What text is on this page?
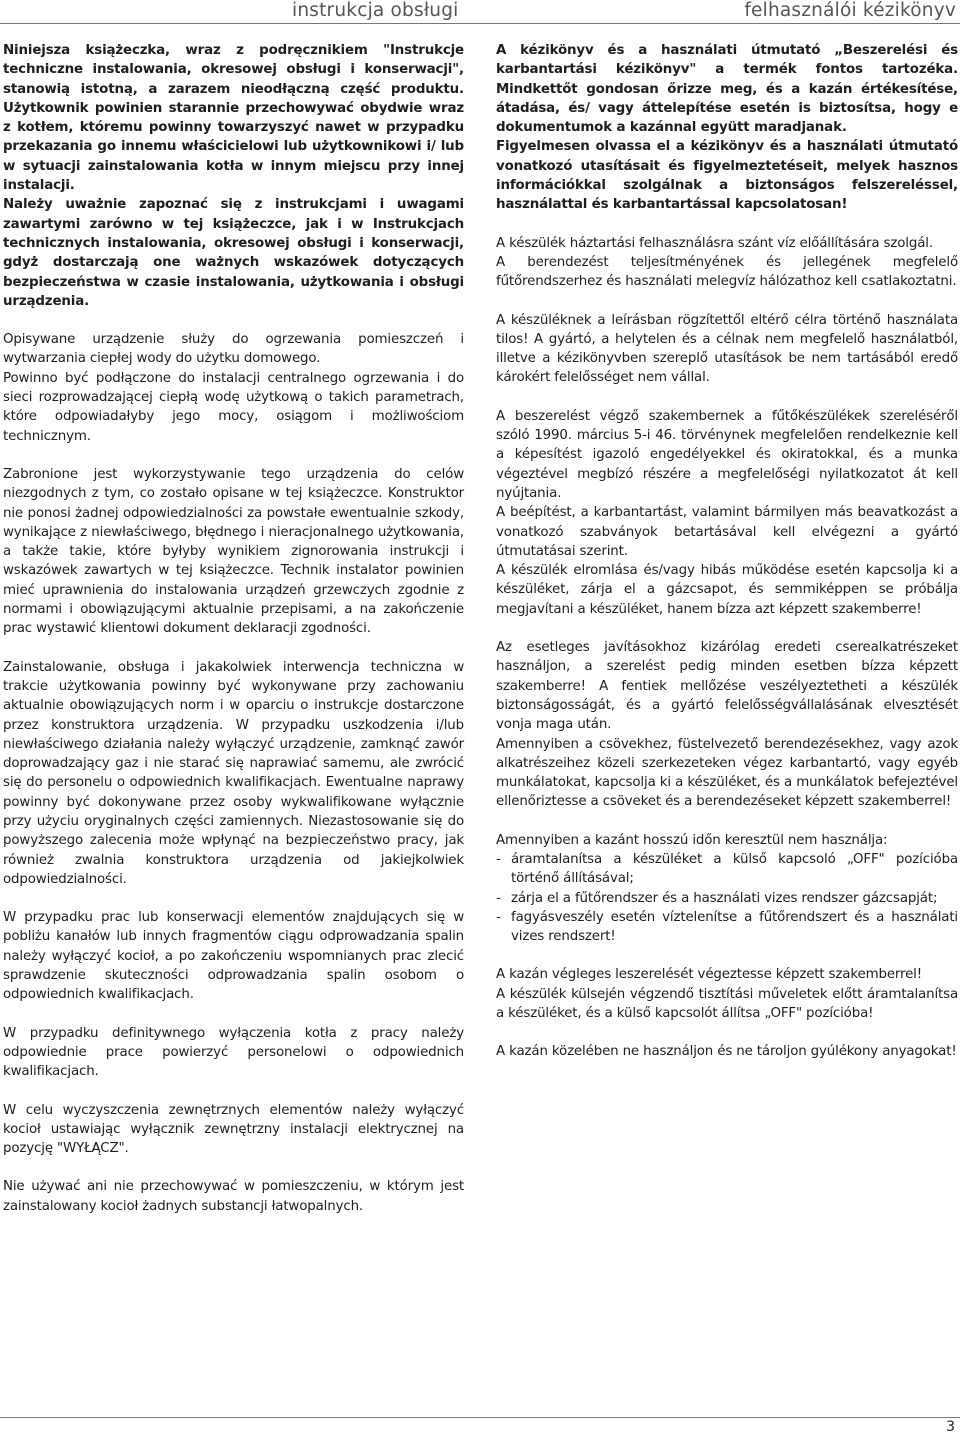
instrukcja obsługi	felhasználói kézikönyv

Niniejsza książeczka, wraz z podręcznikiem "Instrukcje techniczne instalowania, okresowej obsługi i konserwacji", stanowią istotną, a zarazem nieodłączną część produktu. Użytkownik powinien starannie przechowywać obydwie wraz z kotłem, któremu powinny towarzyszyć nawet w przypadku przekazania go innemu właścicielowi lub użytkownikowi i/ lub w sytuacji zainstalowania kotła w innym miejscu przy innej instalacji.

Należy uważnie zapoznać się z instrukcjami i uwagami zawartymi zarówno w tej książeczce, jak i w Instrukcjach technicznych instalowania, okresowej obsługi i konserwacji, gdyż dostarczają one ważnych wskazówek dotyczących bezpieczeństwa w czasie instalowania, użytkowania i obsługi urządzenia.

Opisywane urządzenie służy do ogrzewania pomieszczeń i wytwarzania ciepłej wody do użytku domowego.

Powinno być podłączone do instalacji centralnego ogrzewania i do sieci rozprowadzającej ciepłą wodę użytkową o takich parametrach, które odpowiadałyby jego mocy, osiągom i możliwościom technicznym.

Zabronione jest wykorzystywanie tego urządzenia do celów niezgodnych z tym, co zostało opisane w tej książeczce. Konstruktor nie ponosi żadnej odpowiedzialności za powstałe ewentualnie szkody, wynikające z niewłaściwego, błędnego i nieracjonalnego użytkowania, a także takie, które byłyby wynikiem zignorowania instrukcji i wskazówek zawartych w tej książeczce. Technik instalator powinien mieć uprawnienia do instalowania urządzeń grzewczych zgodnie z normami i obowiązującymi aktualnie przepisami, a na zakończenie prac wystawić klientowi dokument deklaracji zgodności.

Zainstalowanie, obsługa i jakakolwiek interwencja techniczna w trakcie użytkowania powinny być wykonywane przy zachowaniu aktualnie obowiązujących norm i w oparciu o instrukcje dostarczone przez konstruktora urządzenia. W przypadku uszkodzenia i/lub niewłaściwego działania należy wyłączyć urządzenie, zamknąć zawór doprowadzający gaz i nie starać się naprawiać samemu, ale zwrócić się do personelu o odpowiednich kwalifikacjach. Ewentualne naprawy powinny być dokonywane przez osoby wykwalifikowane wyłącznie przy użyciu oryginalnych części zamiennych. Niezastosowanie się do powyższego zalecenia może wpłynąć na bezpieczeństwo pracy, jak również zwalnia konstruktora urządzenia od jakiejkolwiek odpowiedzialności.

W przypadku prac lub konserwacji elementów znajdujących się w pobliżu kanałów lub innych fragmentów ciągu odprowadzania spalin należy wyłączyć kocioł, a po zakończeniu wspomnianych prac zlecić sprawdzenie skuteczności odprowadzania spalin osobom o odpowiednich kwalifikacjach.

W przypadku definitywnego wyłączenia kotła z pracy należy odpowiednie prace powierzyć personelowi o odpowiednich kwalifikacjach.

W celu wyczyszczenia zewnętrznych elementów należy wyłączyć kocioł ustawiając wyłącznik zewnętrzny instalacji elektrycznej na pozycję "WYŁĄCZ".

Nie używać ani nie przechowywać w pomieszczeniu, w którym jest zainstalowany kocioł żadnych substancji łatwopalnych.

A kézikönyv és a használati útmutató „Beszerelési és karbantartási kézikönyv" a termék fontos tartozéka. Mindkettőt gondosan őrizze meg, és a kazán értékesítése, átadása, és/ vagy áttelepítése esetén is biztosítsa, hogy e dokumentumok a kazánnal együtt maradjanak.

Figyelmesen olvassa el a kézikönyv és a használati útmutató vonatkozó utasításait és figyelmeztetéseit, melyek hasznos információkkal szolgálnak a biztonságos felszereléssel, használattal és karbantartással kapcsolatosan!

A készülék háztartási felhasználásra szánt víz előállítására szolgál.

A berendezést teljesítményének és jellegének megfelelő fűtőrendszerhez és használati melegvíz hálózathoz kell csatlakoztatni.

A készüléknek a leírásban rögzítettől eltérő célra történő használata tilos! A gyártó, a helytelen és a célnak nem megfelelő használatból, illetve a kézikönyvben szereplő utasítások be nem tartásából eredő károkért felelősséget nem vállal.

A beszerelést végző szakembernek a fűtőkészülékek szereléséről szóló 1990. március 5-i 46. törvénynek megfelelően rendelkeznie kell a képesítést igazoló engedélyekkel és okiratokkal, és a munka végeztével megbízó részére a megfelelőségi nyilatkozatot át kell nyújtania.

A beépítést, a karbantartást, valamint bármilyen más beavatkozást a vonatkozó szabványok betartásával kell elvégezni a gyártó útmutatásai szerint.

A készülék elromlása és/vagy hibás működése esetén kapcsolja ki a készüléket, zárja el a gázcsapot, és semmiképpen se próbálja megjavítani a készüléket, hanem bízza azt képzett szakemberre!

Az esetleges javításokhoz kizárólag eredeti cserealkatrészeket használjon, a szerelést pedig minden esetben bízza képzett szakemberre! A fentiek mellőzése veszélyeztetheti a készülék biztonságosságát, és a gyártó felelősségvállalásának elvesztését vonja maga után.

Amennyiben a csövekhez, füstelvezető berendezésekhez, vagy azok alkatrészeihez közeli szerkezeteken végez karbantartó, vagy egyéb munkálatokat, kapcsolja ki a készüléket, és a munkálatok befejeztével ellenőriztesse a csöveket és a berendezéseket képzett szakemberrel!

Amennyiben a kazánt hosszú időn keresztül nem használja:

- áramtalanítsa a készüléket a külső kapcsoló „OFF" pozícióba történő állításával;
- zárja el a fűtőrendszer és a használati vizes rendszer gázcsapját;
- fagyásveszély esetén víztelenítse a fűtőrendszert és a használati vizes rendszert!

A kazán végleges leszerelését végeztesse képzett szakemberrel!

A készülék külsején végzendő tisztítási műveletek előtt áramtalanítsa a készüléket, és a külső kapcsolót állítsa „OFF" pozícióba!

A kazán közelében ne használjon és ne tároljon gyúlékony anyagokat!

3
